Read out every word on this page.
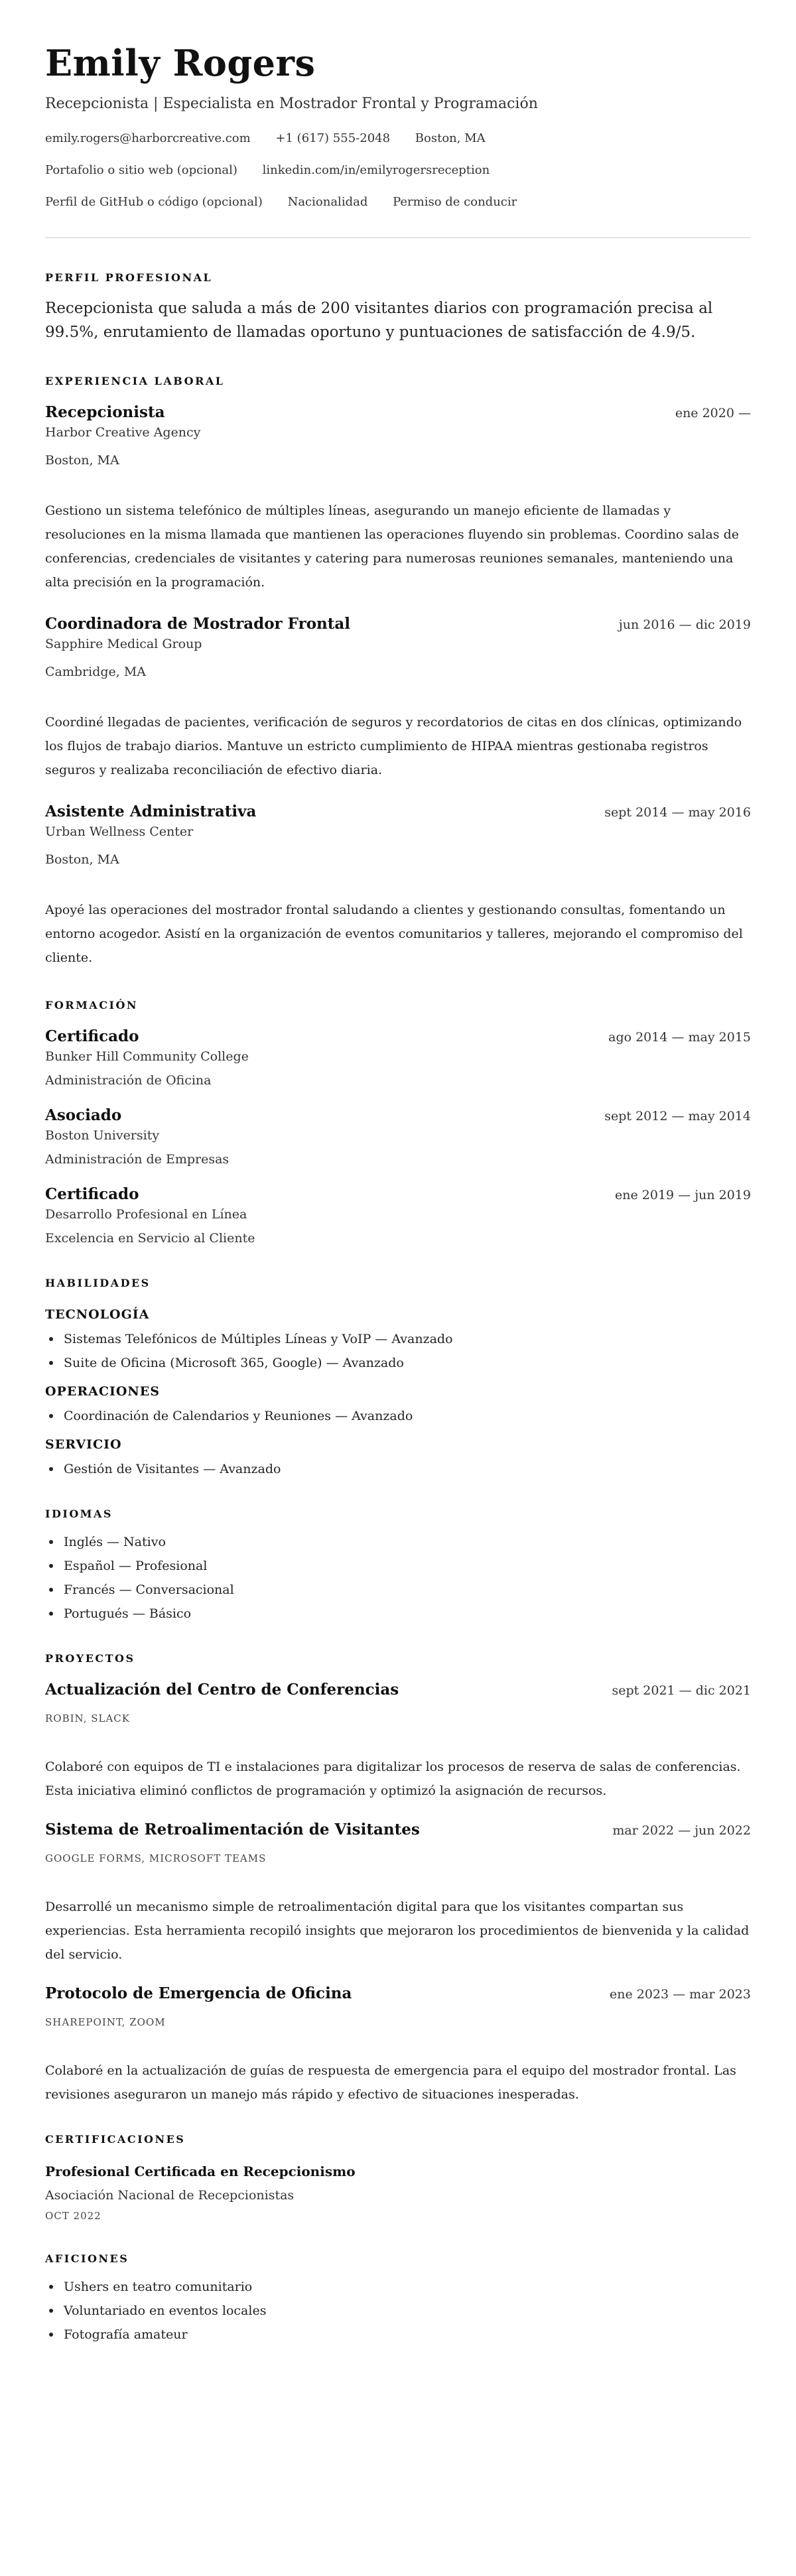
Emily Rogers
Recepcionista | Especialista en Mostrador Frontal y Programación
emily.rogers@harborcreative.com +1 (617) 555-2048 Boston, MA
Portafolio o sitio web (opcional) linkedin.com/in/emilyrogersreception
Perfil de GitHub o código (opcional) Nacionalidad Permiso de conducir
PERFIL PROFESIONAL
Recepcionista que saluda a más de 200 visitantes diarios con programación precisa al 99.5%, enrutamiento de llamadas oportuno y puntuaciones de satisfacción de 4.9/5.
EXPERIENCIA LABORAL
Recepcionista	ene 2020 —
Harbor Creative Agency
Boston, MA
Gestiono un sistema telefónico de múltiples líneas, asegurando un manejo eficiente de llamadas y resoluciones en la misma llamada que mantienen las operaciones fluyendo sin problemas. Coordino salas de conferencias, credenciales de visitantes y catering para numerosas reuniones semanales, manteniendo una alta precisión en la programación.
Coordinadora de Mostrador Frontal	jun 2016 — dic 2019
Sapphire Medical Group
Cambridge, MA
Coordiné llegadas de pacientes, verificación de seguros y recordatorios de citas en dos clínicas, optimizando los flujos de trabajo diarios. Mantuve un estricto cumplimiento de HIPAA mientras gestionaba registros seguros y realizaba reconciliación de efectivo diaria.
Asistente Administrativa	sept 2014 — may 2016
Urban Wellness Center
Boston, MA
Apoyé las operaciones del mostrador frontal saludando a clientes y gestionando consultas, fomentando un entorno acogedor. Asistí en la organización de eventos comunitarios y talleres, mejorando el compromiso del cliente.
FORMACIÓN
Certificado	ago 2014 — may 2015
Bunker Hill Community College
Administración de Oficina
Asociado	sept 2012 — may 2014
Boston University
Administración de Empresas
Certificado	ene 2019 — jun 2019
Desarrollo Profesional en Línea
Excelencia en Servicio al Cliente
HABILIDADES
TECNOLOGÍA
Sistemas Telefónicos de Múltiples Líneas y VoIP — Avanzado
Suite de Oficina (Microsoft 365, Google) — Avanzado
OPERACIONES
Coordinación de Calendarios y Reuniones — Avanzado
SERVICIO
Gestión de Visitantes — Avanzado
IDIOMAS
Inglés — Nativo
Español — Profesional
Francés — Conversacional
Portugués — Básico
PROYECTOS
Actualización del Centro de Conferencias	sept 2021 — dic 2021
ROBIN, SLACK
Colaboré con equipos de TI e instalaciones para digitalizar los procesos de reserva de salas de conferencias. Esta iniciativa eliminó conflictos de programación y optimizó la asignación de recursos.
Sistema de Retroalimentación de Visitantes	mar 2022 — jun 2022
GOOGLE FORMS, MICROSOFT TEAMS
Desarrollé un mecanismo simple de retroalimentación digital para que los visitantes compartan sus experiencias. Esta herramienta recopiló insights que mejoraron los procedimientos de bienvenida y la calidad del servicio.
Protocolo de Emergencia de Oficina	ene 2023 — mar 2023
SHAREPOINT, ZOOM
Colaboré en la actualización de guías de respuesta de emergencia para el equipo del mostrador frontal. Las revisiones aseguraron un manejo más rápido y efectivo de situaciones inesperadas.
CERTIFICACIONES
Profesional Certificada en Recepcionismo
Asociación Nacional de Recepcionistas
OCT 2022
AFICIONES
Ushers en teatro comunitario
Voluntariado en eventos locales
Fotografía amateur
